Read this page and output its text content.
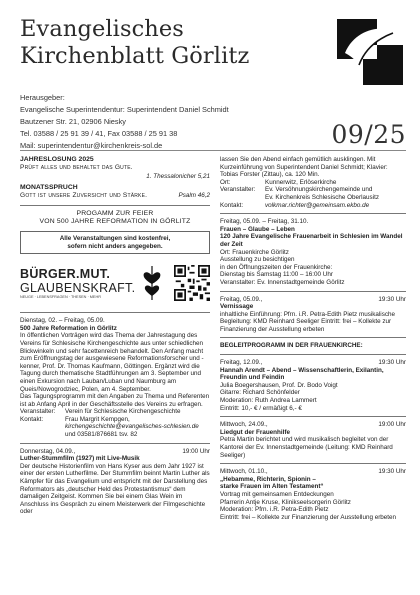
Evangelisches
Kirchenblatt Görlitz
Herausgeber:
Evangelische Superintendentur: Superintendent Daniel Schmidt
Bautzener Str. 21, 02906 Niesky
Tel. 03588 / 25 91 39 / 41, Fax 03588 / 25 91 38
Mail: superintendentur@kirchenkreis-sol.de	09/25
JAHRESLOSUNG 2025
Prüft alles und behaltet das Gute.
1. Thessalonicher 5,21
MONATSSPRUCH
Gott ist unsere Zuversicht und Stärke.	Psalm 46,2
PROGAMM ZUR FEIER
VON 500 JAHRE REFORMATION IN GÖRLITZ
Alle Veranstaltungen sind kostenfrei,
sofern nicht anders angegeben.
BÜRGER.MUT.
GLAUBENSKRAFT.
NEUGE · LEBENSFRAGEN · THESEN · MEHR
Dienstag, 02. – Freitag, 05.09.
500 Jahre Reformation in Görlitz
In öffentlichen Vorträgen wird das Thema der Jahrestagung des Vereins für Schlesische Kirchengeschichte aus unter schiedlichen Blickwinkeln und sehr facettenreich behandelt. Den Anfang macht zum Eröffnungstag der ausgewiesene Reformationsforscher und -kenner, Prof. Dr. Thomas Kaufmann, Göttingen. Ergänzt wird die Tagung durch thematische Stadtführungen am 3. September und einen Exkursion nach Lauban/Luban und Naumburg am Queis/Nowogrodziec, Polen, am 4. September.
Das Tagungsprogramm mit den Angaben zu Thema und Referenten ist ab Anfang April in der Geschäftsstelle des Vereins zu erfragen.
Veranstalter:	Verein für Schlesische Kirchengeschichte
Kontakt:	Frau Margrit Kempgen,
kirchengeschichte@evangelisches-schlesien.de
und 03581/876681 tsv. 82
Donnerstag, 04.09.,	19:00 Uhr
Luther-Stummfilm (1927) mit Live-Musik
Der deutsche Historienfilm von Hans Kyser aus dem Jahr 1927 ist einer der ersten Lutherfilme. Der Stummfilm beinnt Martin Luther als Kämpfer für das Evangelium und entspricht mit der Darstellung des Reformators als „deutscher Held des Protestantismus“ dem damaligen Zeitgeist. Kommen Sie bei einem Glas Wein im Anschluss ins Gespräch zu einem Meisterwerk der Filmgeschichte oder
lassen Sie den Abend einfach gemütlich ausklingen. Mit Kurzeinführung von Superintendent Daniel Schmidt; Klavier: Tobias Forster (Zittau), ca. 120 Min.
Ort:	Kunnerwitz, Erlöserkirche
Veranstalter:	Ev. Versöhnungskirchengemeinde und
Ev. Kirchenkreis Schlesische Oberlausitz
Kontakt:	volkmar.richter@gemeinsam.ekbo.de
Freitag, 05.09. – Freitag, 31.10.
Frauen – Glaube – Leben
120 Jahre Evangelische Frauenarbeit in Schlesien im Wandel der Zeit
Ort: Frauenkirche Görlitz
Ausstellung zu besichtigen
in den Öffnungszeiten der Frauenkirche:
Dienstag bis Samstag 11:00 – 16:00 Uhr
Veranstalter: Ev. Innenstadtgemeinde Görlitz
Freitag, 05.09.,	19:30 Uhr
Vernissage
inhaltliche Einführung: Pfrn. i.R. Petra-Edith Pietz musikalische Begleitung: KMD Reinhard Seeliger Eintritt: frei – Kollekte zur Finanzierung der Ausstellung erbeten
BEGLEITPROGRAMM IN DER FRAUENKIRCHE:
Freitag, 12.09.,	19:30 Uhr
Hannah Arendt – Abend – Wissenschaftlerin, Exilantin, Freundin und Feindin
Julia Boegershausen, Prof. Dr. Bodo Voigt
Gitarre: Richard Schönfelder
Moderation: Ruth Andrea Lammert
Eintritt: 10,- € / ermäßigt 6,- €
Mittwoch, 24.09.,	19:00 Uhr
Liedgut der Frauenhilfe
Petra Martin berichtet und wird musikalisch begleitet von der Kantorei der Ev. Innenstadtgemeinde (Leitung: KMD Reinhard Seeliger)
Mittwoch, 01.10.,	19:30 Uhr
„Hebamme, Richterin, Spionin –
starke Frauen im Alten Testament“
Vortrag mit gemeinsamen Entdeckungen
Pfarrerin Antje Kruse, Klinikseelsorgerin Görlitz
Moderation: Pfrn. i.R. Petra-Edith Pietz
Eintritt: frei – Kollekte zur Finanzierung der Ausstellung erbeten
